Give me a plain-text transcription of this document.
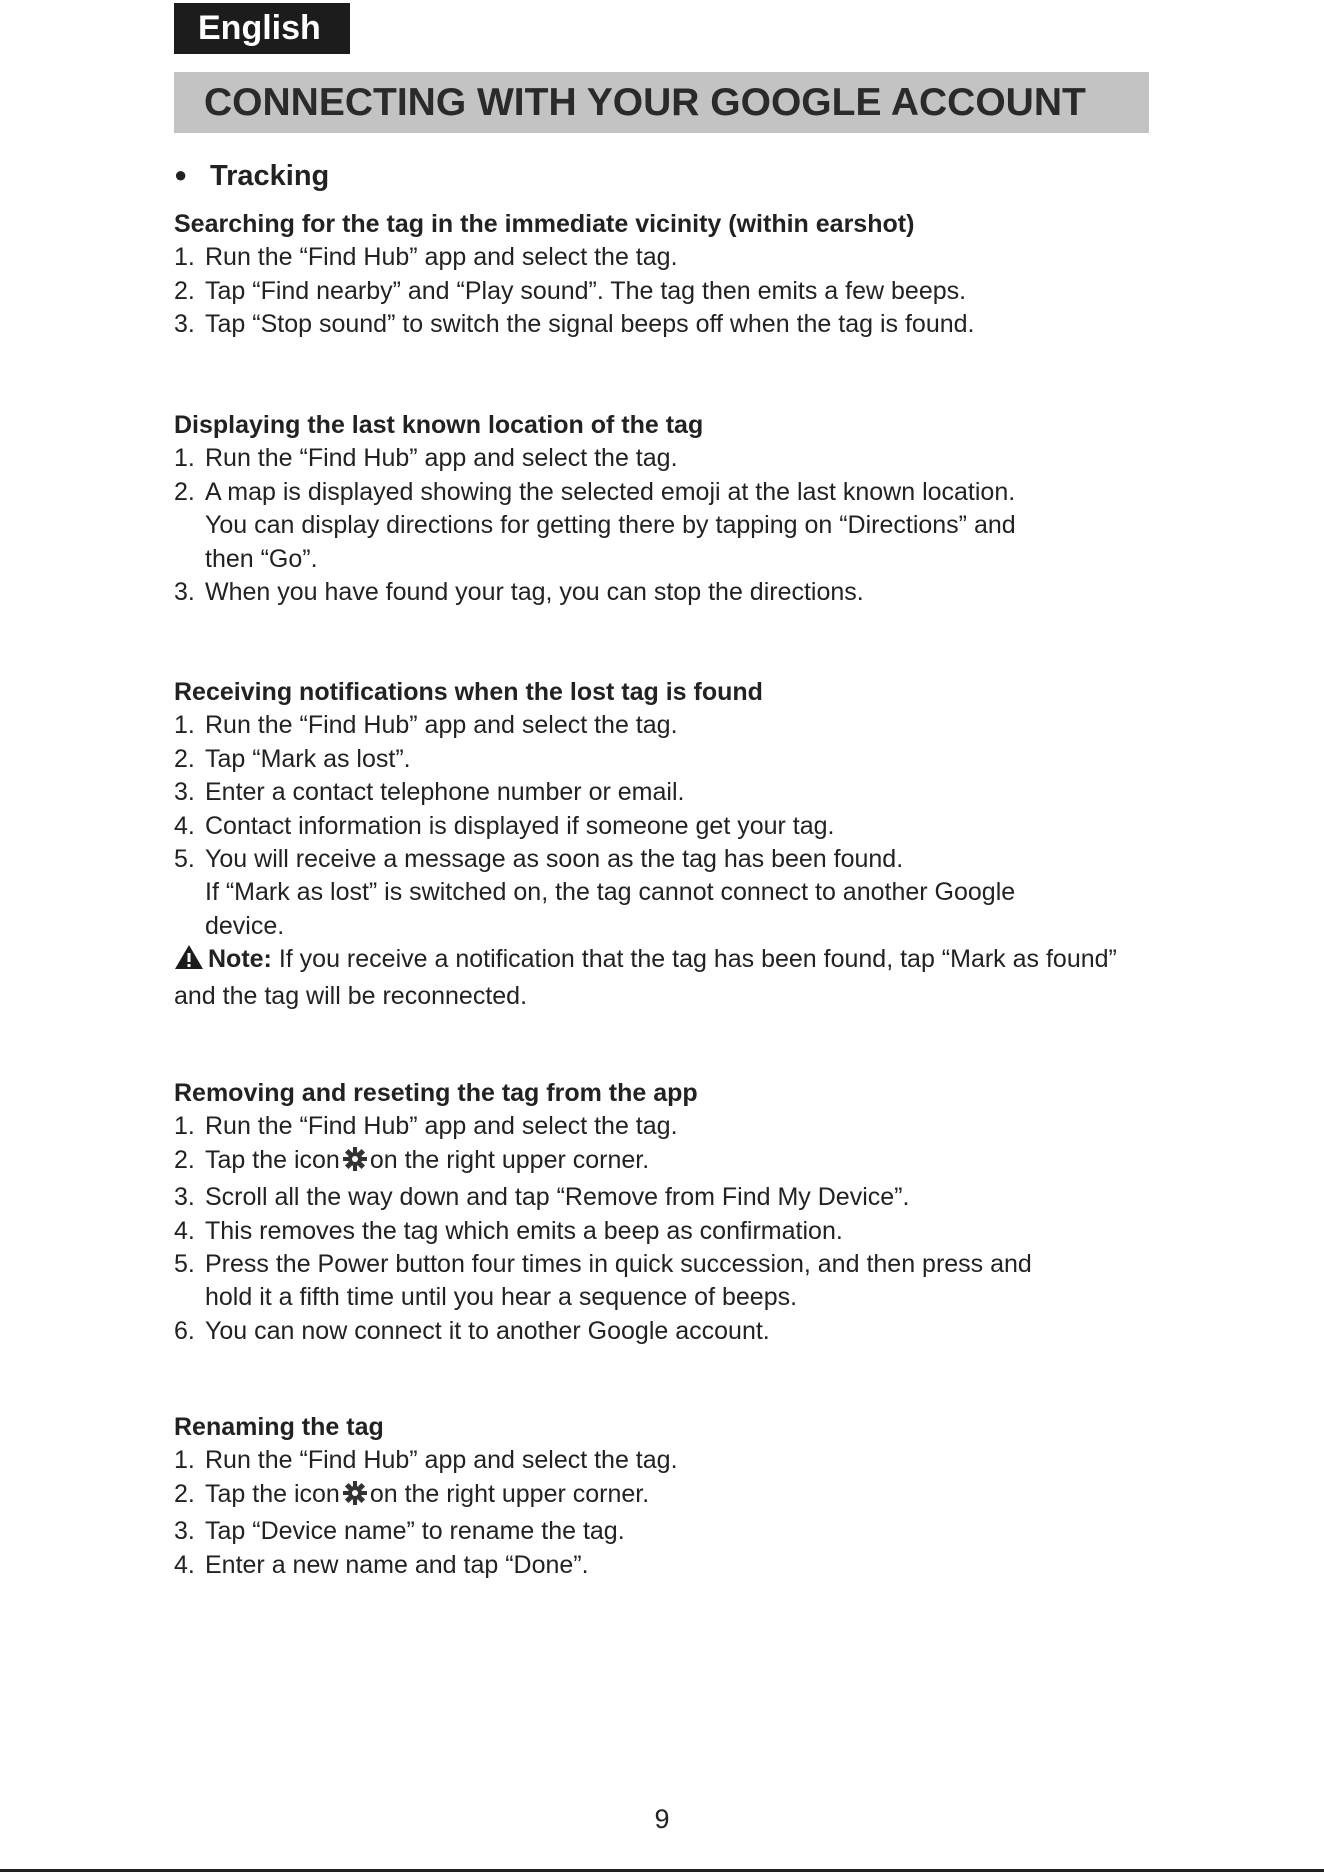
English
CONNECTING WITH YOUR GOOGLE ACCOUNT
● Tracking
Searching for the tag in the immediate vicinity (within earshot)
1. Run the “Find Hub” app and select the tag.
2. Tap “Find nearby” and “Play sound”. The tag then emits a few beeps.
3. Tap “Stop sound” to switch the signal beeps off when the tag is found.
Displaying the last known location of the tag
1. Run the “Find Hub” app and select the tag.
2. A map is displayed showing the selected emoji at the last known location.
You can display directions for getting there by tapping on “Directions” and
then “Go”.
3. When you have found your tag, you can stop the directions.
Receiving notifications when the lost tag is found
1. Run the “Find Hub” app and select the tag.
2. Tap “Mark as lost”.
3. Enter a contact telephone number or email.
4. Contact information is displayed if someone get your tag.
5. You will receive a message as soon as the tag has been found.
If “Mark as lost” is switched on, the tag cannot connect to another Google
device.
Note: If you receive a notification that the tag has been found, tap “Mark as found” and the tag will be reconnected.
Removing and reseting the tag from the app
1. Run the “Find Hub” app and select the tag.
2. Tap the icon on the right upper corner.
3. Scroll all the way down and tap “Remove from Find My Device”.
4. This removes the tag which emits a beep as confirmation.
5. Press the Power button four times in quick succession, and then press and
hold it a fifth time until you hear a sequence of beeps.
6. You can now connect it to another Google account.
Renaming the tag
1. Run the “Find Hub” app and select the tag.
2. Tap the icon on the right upper corner.
3. Tap “Device name” to rename the tag.
4. Enter a new name and tap “Done”.
9
